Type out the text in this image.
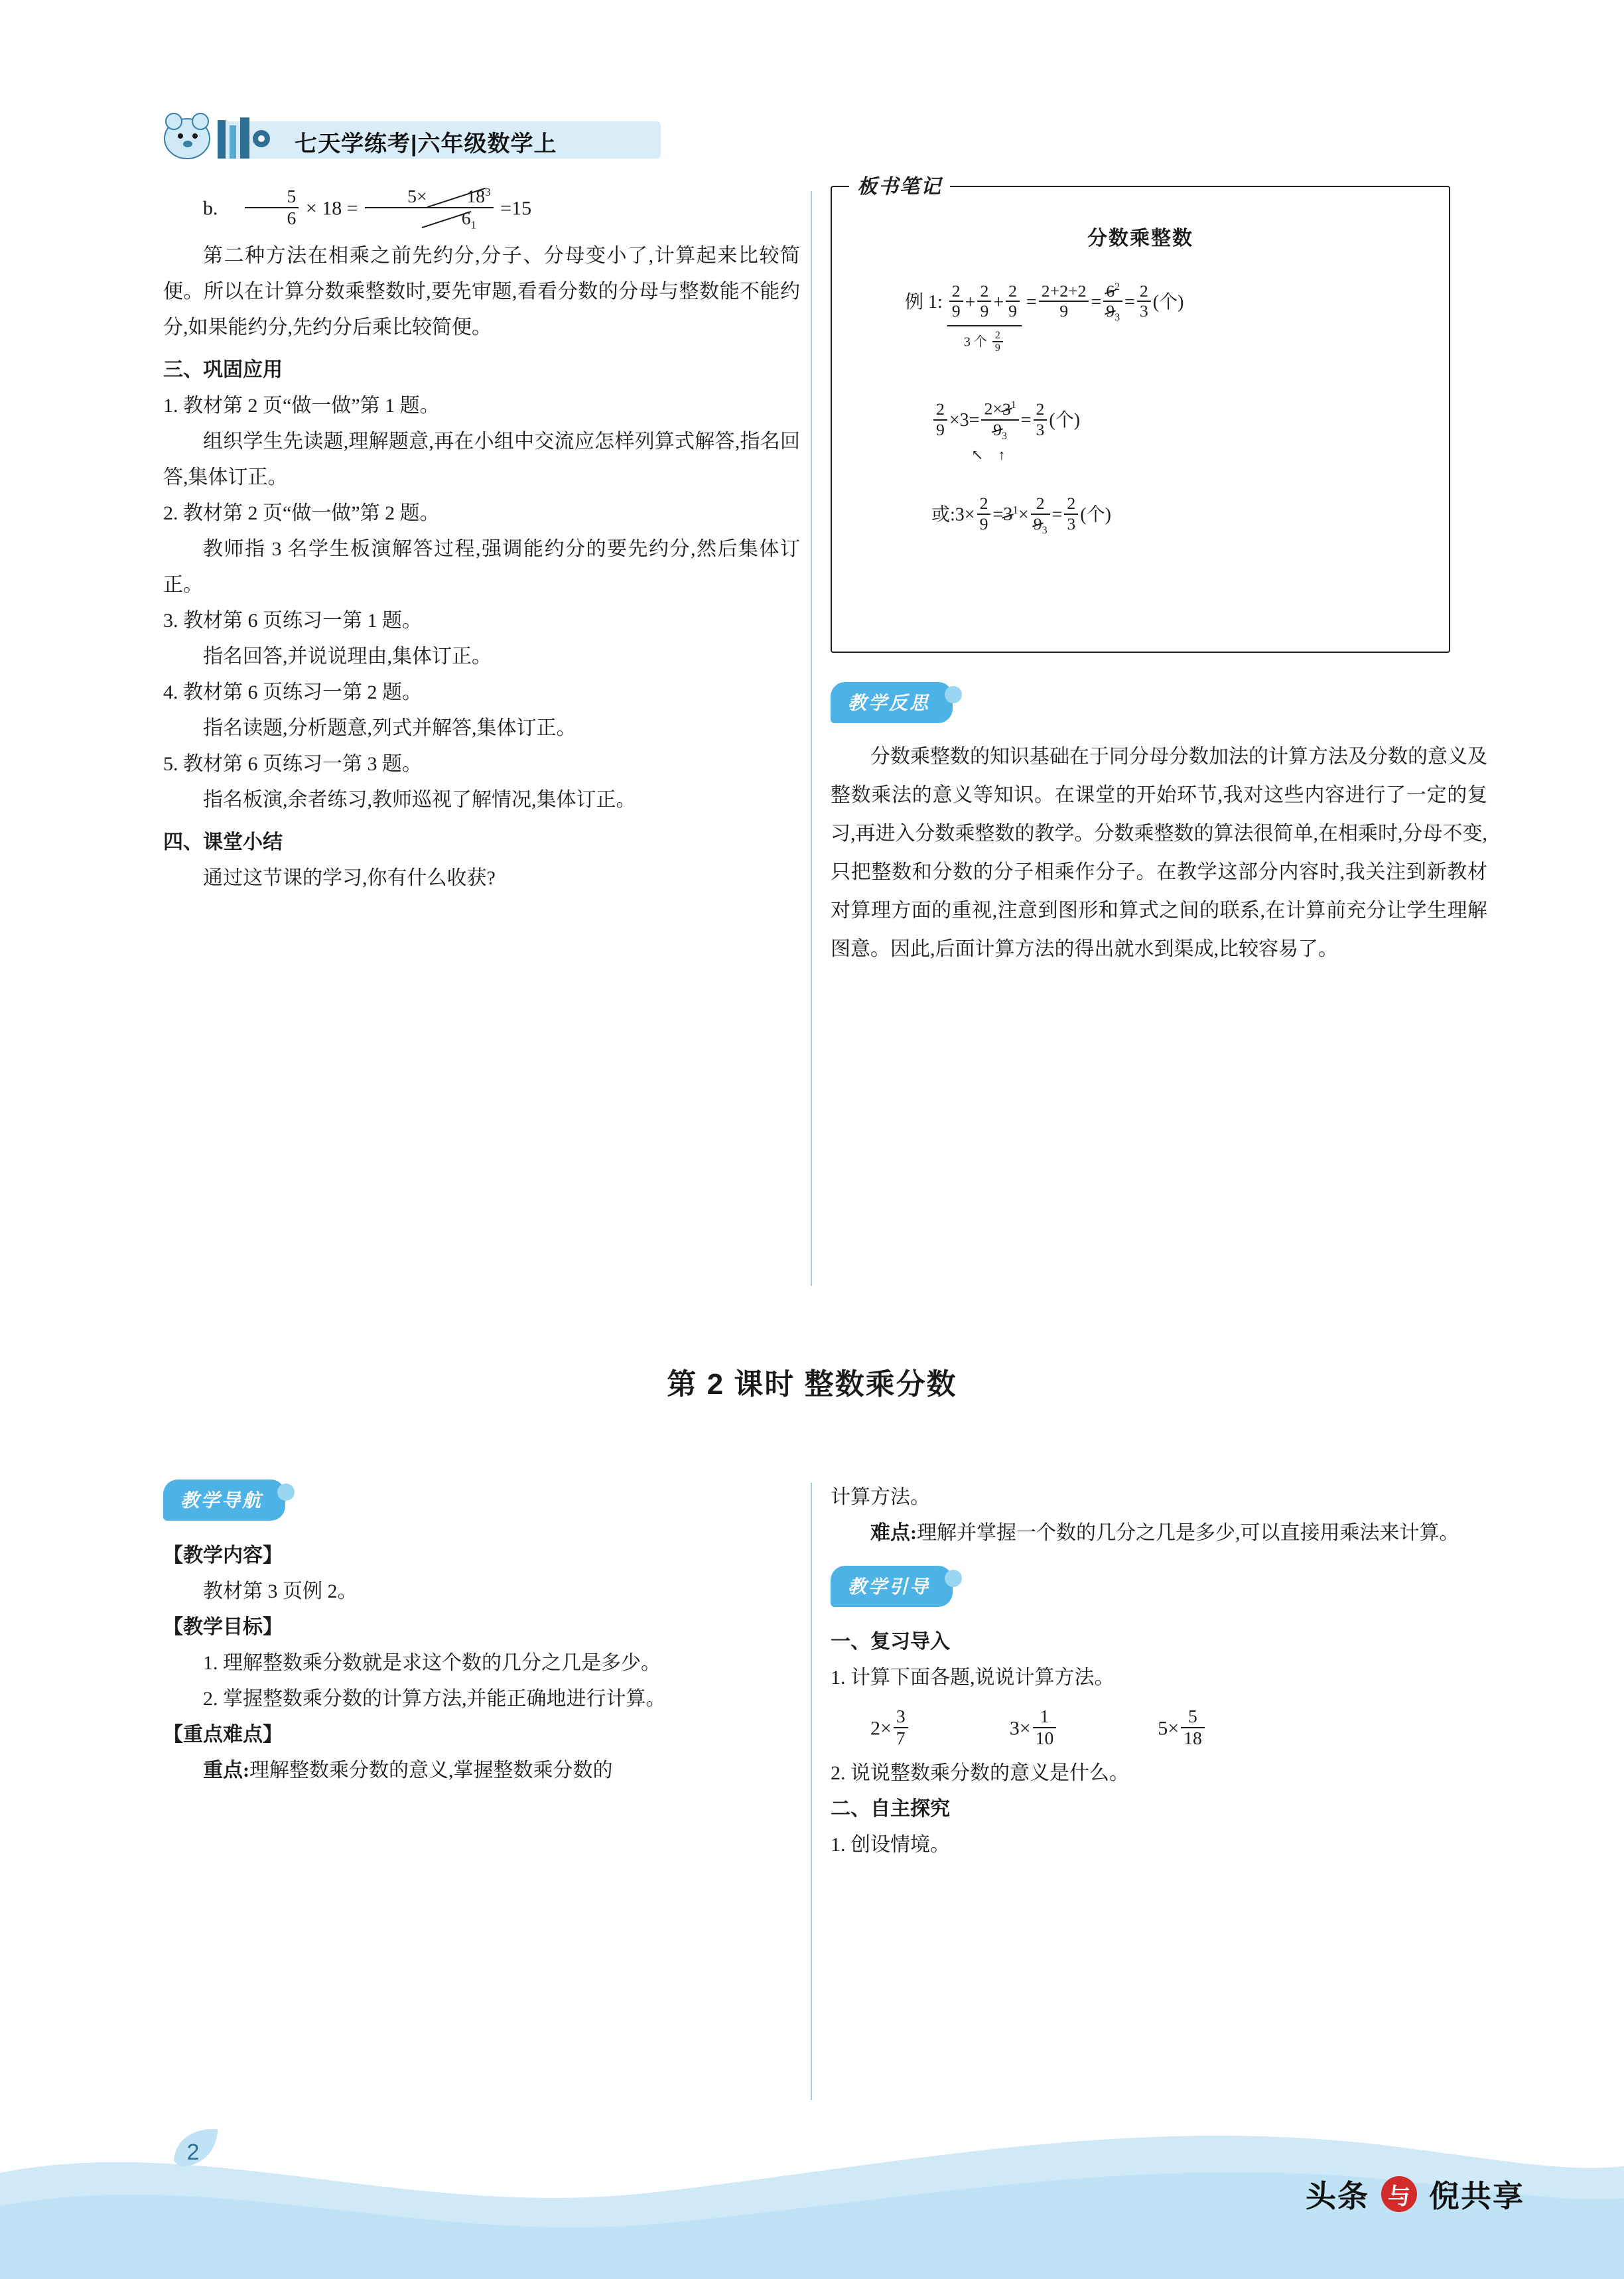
七天学练考|六年级数学上
b. $\frac{5}{6} \times 18 = \frac{5\times 18^3}{6_1} =15$
第二种方法在相乘之前先约分,分子、分母变小了,计算起来比较简便。所以在计算分数乘整数时,要先审题,看看分数的分母与整数能不能约分,如果能约分,先约分后乘比较简便。
三、巩固应用
1. 教材第 2 页“做一做”第 1 题。
组织学生先读题,理解题意,再在小组中交流应怎样列算式解答,指名回答,集体订正。
2. 教材第 2 页“做一做”第 2 题。
教师指 3 名学生板演解答过程,强调能约分的要先约分,然后集体订正。
3. 教材第 6 页练习一第 1 题。
指名回答,并说说理由,集体订正。
4. 教材第 6 页练习一第 2 题。
指名读题,分析题意,列式并解答,集体订正。
5. 教材第 6 页练习一第 3 题。
指名板演,余者练习,教师巡视了解情况,集体订正。
四、课堂小结
通过这节课的学习,你有什么收获?
板书笔记
分数乘整数
例 1: $\frac{2}{9} + \frac{2}{9} + \frac{2}{9}$
3 个 $\frac{2}{9}$
= $\frac{2+2+2}{9} = \frac{6^2}{9_3} = \frac{2}{3}$ (个)
$\frac{2}{9} \times 3= \frac{2\times 3^1}{9_3} = \frac{2}{3}$ (个)
↖    ↑
或:3× $\frac{2}{9} =3^1\times \frac{2}{9_3} = \frac{2}{3}$ (个)
教学反思
分数乘整数的知识基础在于同分母分数加法的计算方法及分数的意义及整数乘法的意义等知识。在课堂的开始环节,我对这些内容进行了一定的复习,再进入分数乘整数的教学。分数乘整数的算法很简单,在相乘时,分母不变,只把整数和分数的分子相乘作分子。在教学这部分内容时,我关注到新教材对算理方面的重视,注意到图形和算式之间的联系,在计算前充分让学生理解图意。因此,后面计算方法的得出就水到渠成,比较容易了。
第 2 课时 整数乘分数
教学导航
【教学内容】
教材第 3 页例 2。
【教学目标】
1. 理解整数乘分数就是求这个数的几分之几是多少。
2. 掌握整数乘分数的计算方法,并能正确地进行计算。
【重点难点】
重点:理解整数乘分数的意义,掌握整数乘分数的
计算方法。
难点:理解并掌握一个数的几分之几是多少,可以直接用乘法来计算。
教学引导
一、复习导入
1. 计算下面各题,说说计算方法。
$2\times \frac{3}{7}$	$3\times \frac{1}{10}$	$5\times \frac{5}{18}$
2. 说说整数乘分数的意义是什么。
二、自主探究
1. 创设情境。
2
头条 与 倪共享
